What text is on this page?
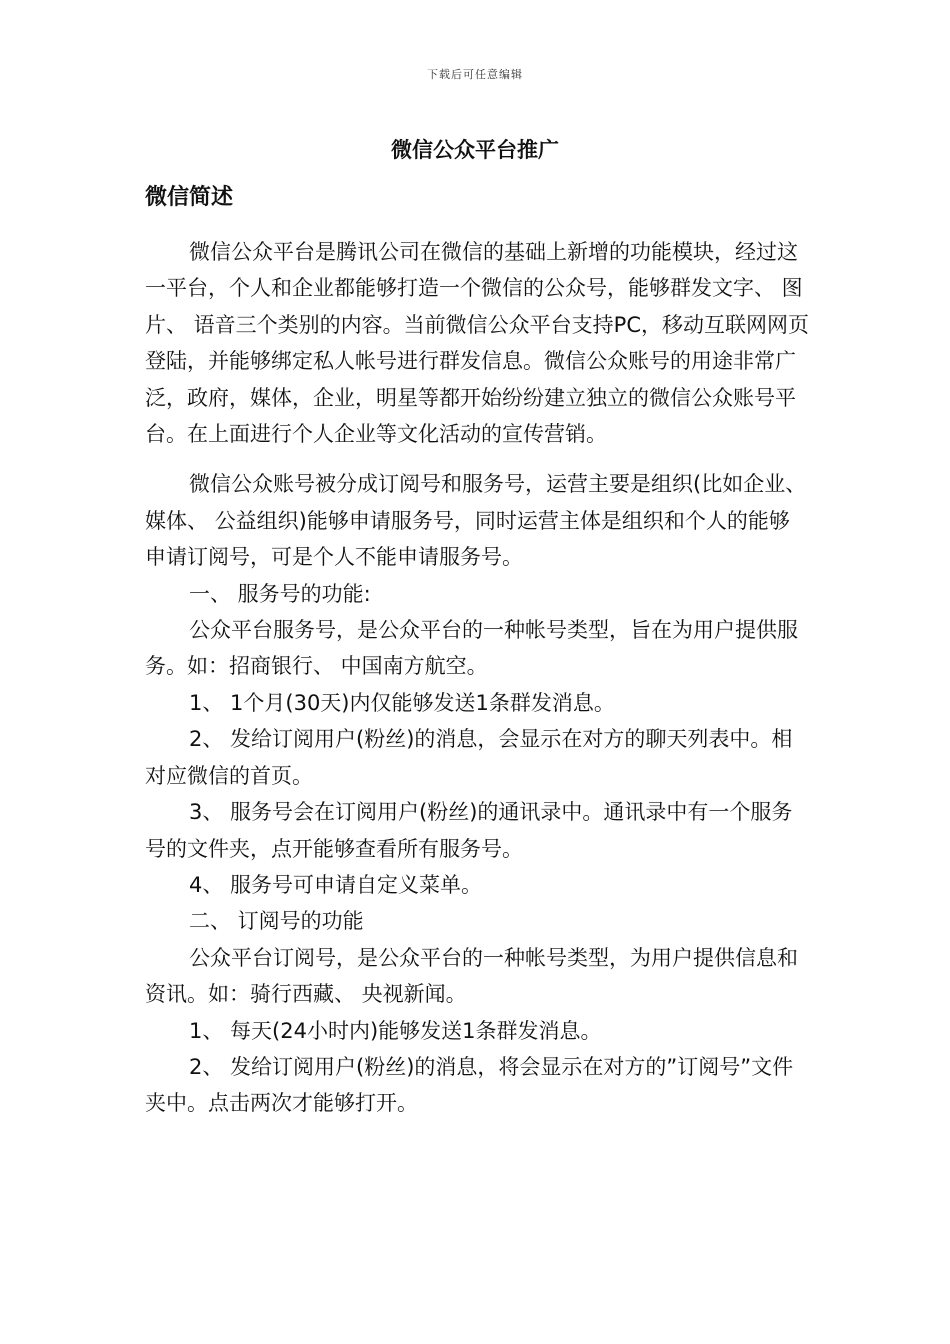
下载后可任意编辑
微信公众平台推广
微信简述

微信公众平台是腾讯公司在微信的基础上新增的功能模块，经过这一平台，个人和企业都能够打造一个微信的公众号，能够群发文字、 图片、 语音三个类别的内容。当前微信公众平台支持PC，移动互联网网页登陆，并能够绑定私人帐号进行群发信息。微信公众账号的用途非常广泛，政府，媒体，企业，明星等都开始纷纷建立独立的微信公众账号平台。在上面进行个人企业等文化活动的宣传营销。

微信公众账号被分成订阅号和服务号，运营主要是组织(比如企业、 媒体、 公益组织)能够申请服务号，同时运营主体是组织和个人的能够申请订阅号，可是个人不能申请服务号。

一、 服务号的功能:

公众平台服务号，是公众平台的一种帐号类型，旨在为用户提供服务。如：招商银行、 中国南方航空。

1、 1个月(30天)内仅能够发送1条群发消息。

2、 发给订阅用户(粉丝)的消息，会显示在对方的聊天列表中。相对应微信的首页。

3、 服务号会在订阅用户(粉丝)的通讯录中。通讯录中有一个服务号的文件夹，点开能够查看所有服务号。

4、 服务号可申请自定义菜单。

二、 订阅号的功能

公众平台订阅号，是公众平台的一种帐号类型，为用户提供信息和资讯。如：骑行西藏、 央视新闻。

1、 每天(24小时内)能够发送1条群发消息。

2、 发给订阅用户(粉丝)的消息，将会显示在对方的”订阅号”文件夹中。点击两次才能够打开。
